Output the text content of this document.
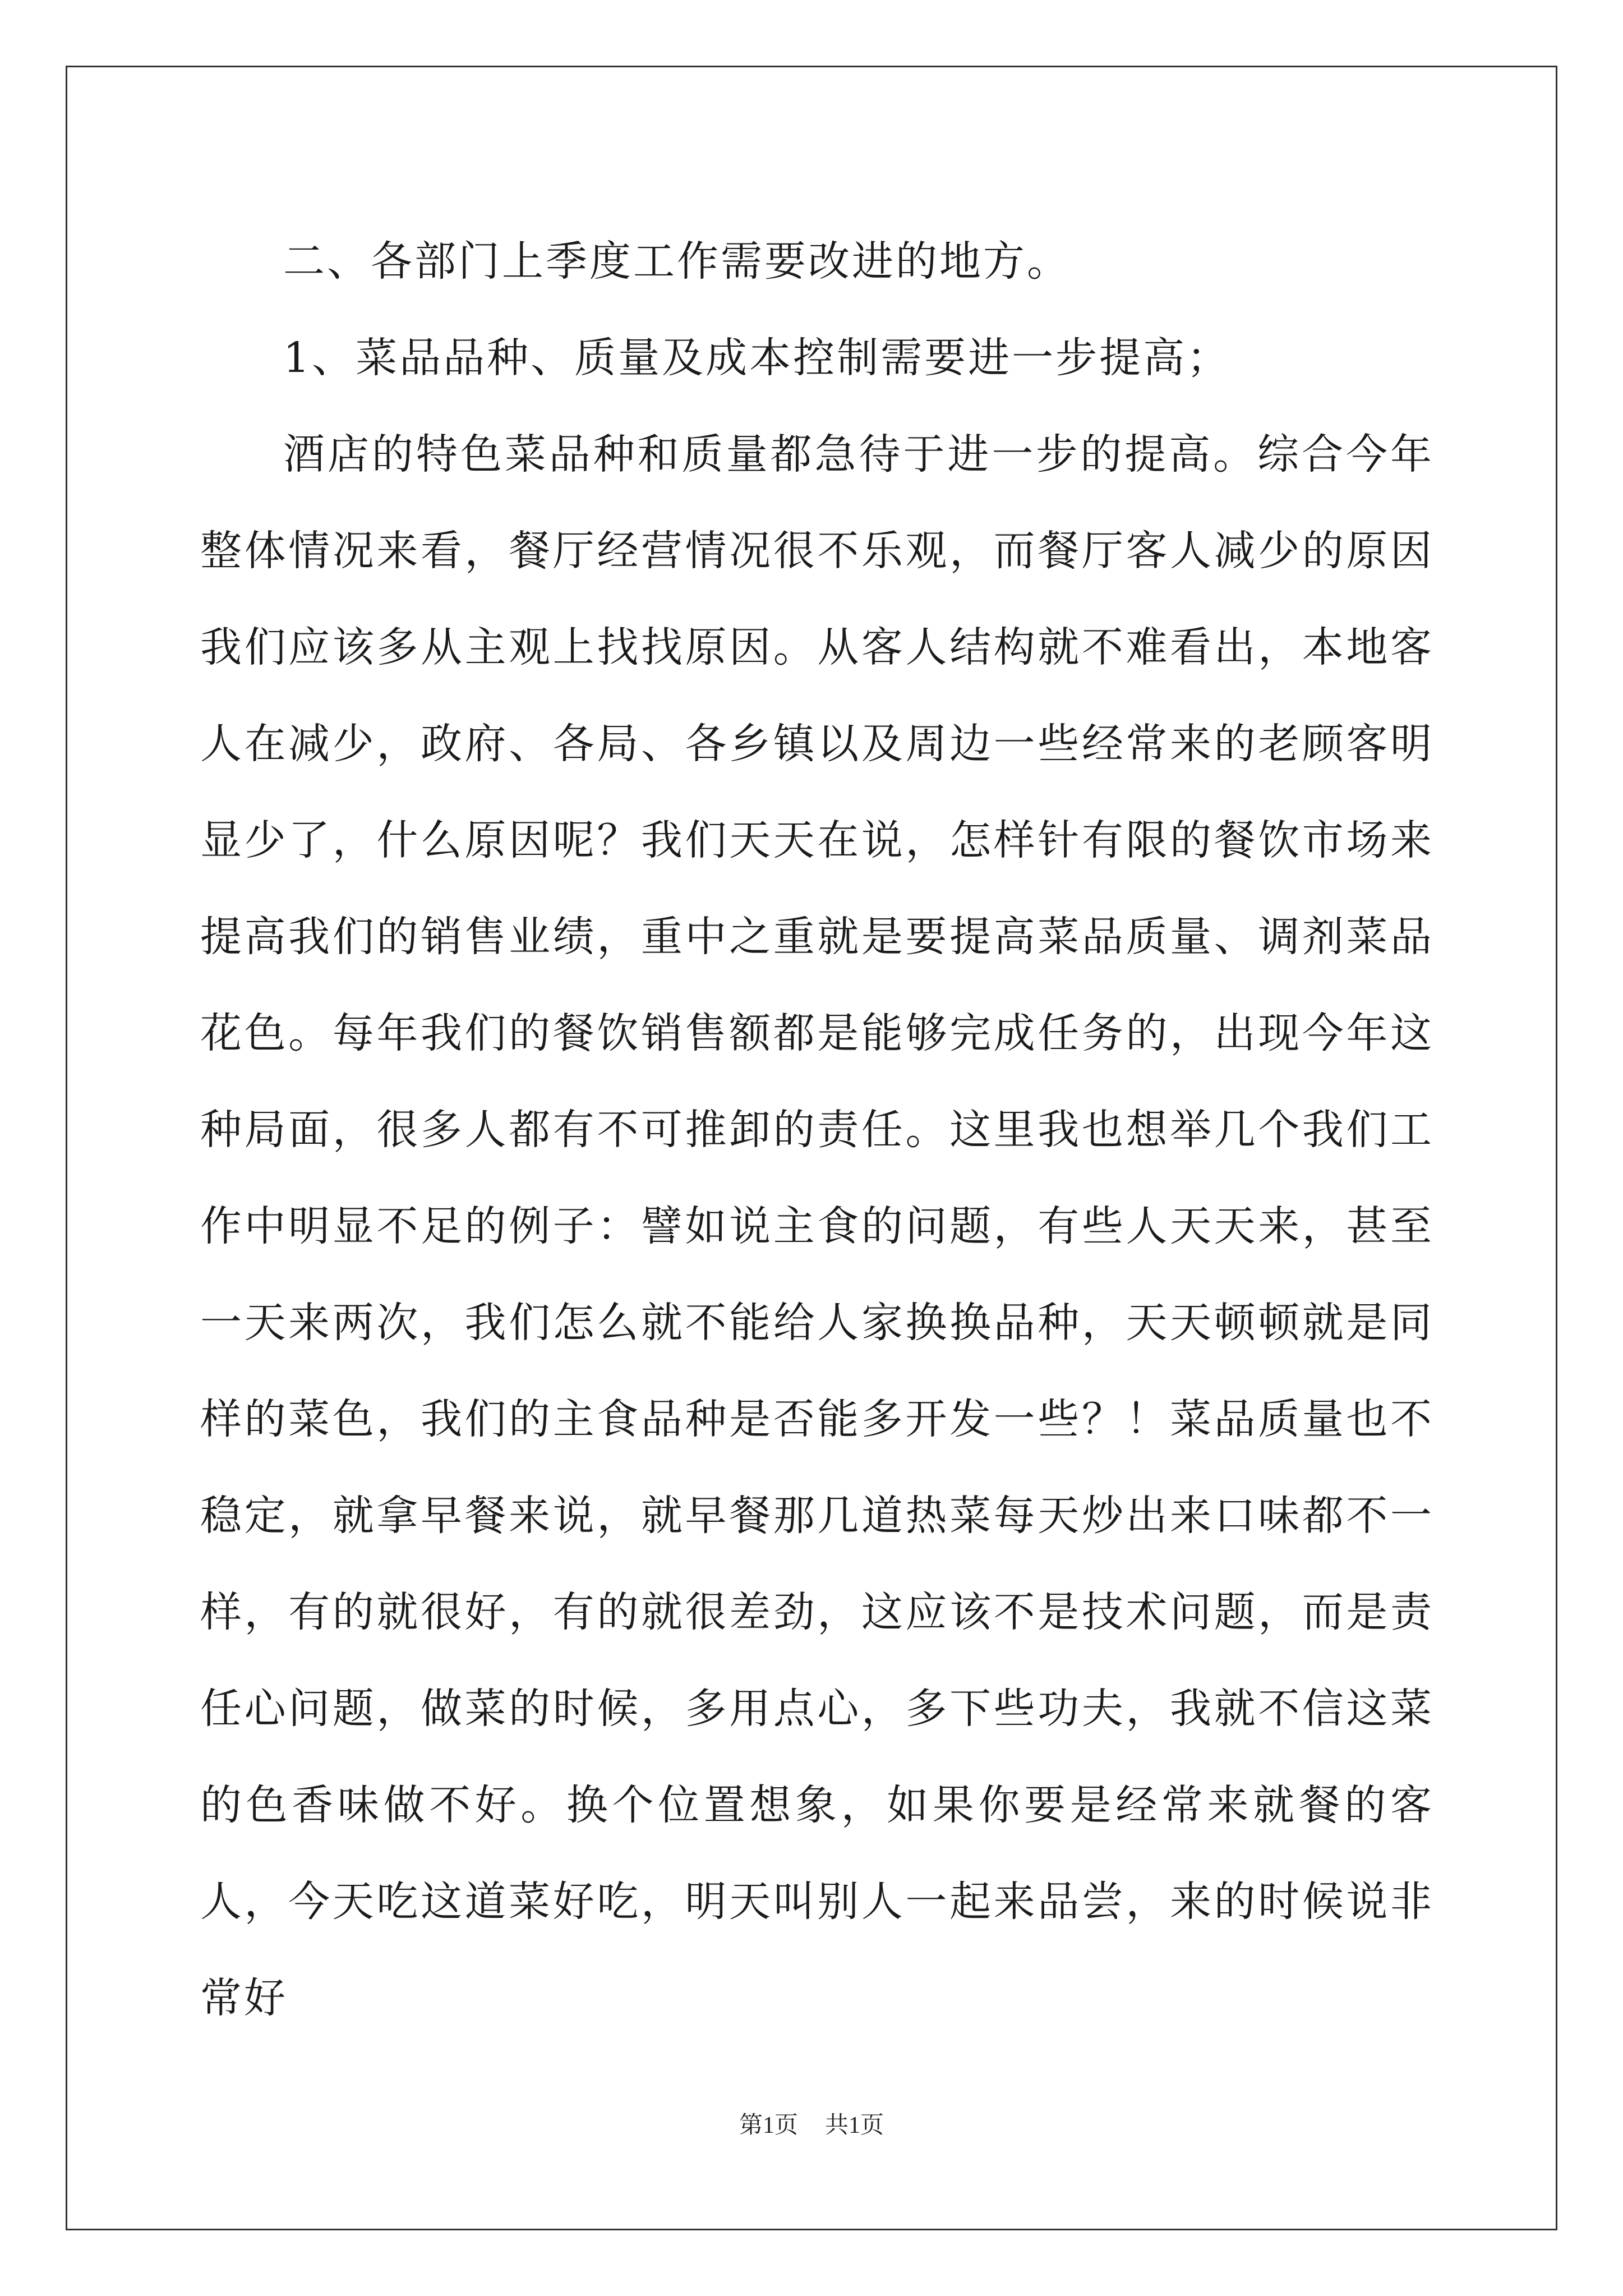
二、各部门上季度工作需要改进的地方。

1、菜品品种、质量及成本控制需要进一步提高；

酒店的特色菜品种和质量都急待于进一步的提高。综合今年整体情况来看，餐厅经营情况很不乐观，而餐厅客人减少的原因我们应该多从主观上找找原因。从客人结构就不难看出，本地客人在减少，政府、各局、各乡镇以及周边一些经常来的老顾客明显少了，什么原因呢？我们天天在说，怎样针有限的餐饮市场来提高我们的销售业绩，重中之重就是要提高菜品质量、调剂菜品花色。每年我们的餐饮销售额都是能够完成任务的，出现今年这种局面，很多人都有不可推卸的责任。这里我也想举几个我们工作中明显不足的例子：譬如说主食的问题，有些人天天来，甚至一天来两次，我们怎么就不能给人家换换品种，天天顿顿就是同样的菜色，我们的主食品种是否能多开发一些？！菜品质量也不稳定，就拿早餐来说，就早餐那几道热菜每天炒出来口味都不一样，有的就很好，有的就很差劲，这应该不是技术问题，而是责任心问题，做菜的时候，多用点心，多下些功夫，我就不信这菜的色香味做不好。换个位置想象，如果你要是经常来就餐的客人，今天吃这道菜好吃，明天叫别人一起来品尝，来的时候说非常好

第1页 共1页
